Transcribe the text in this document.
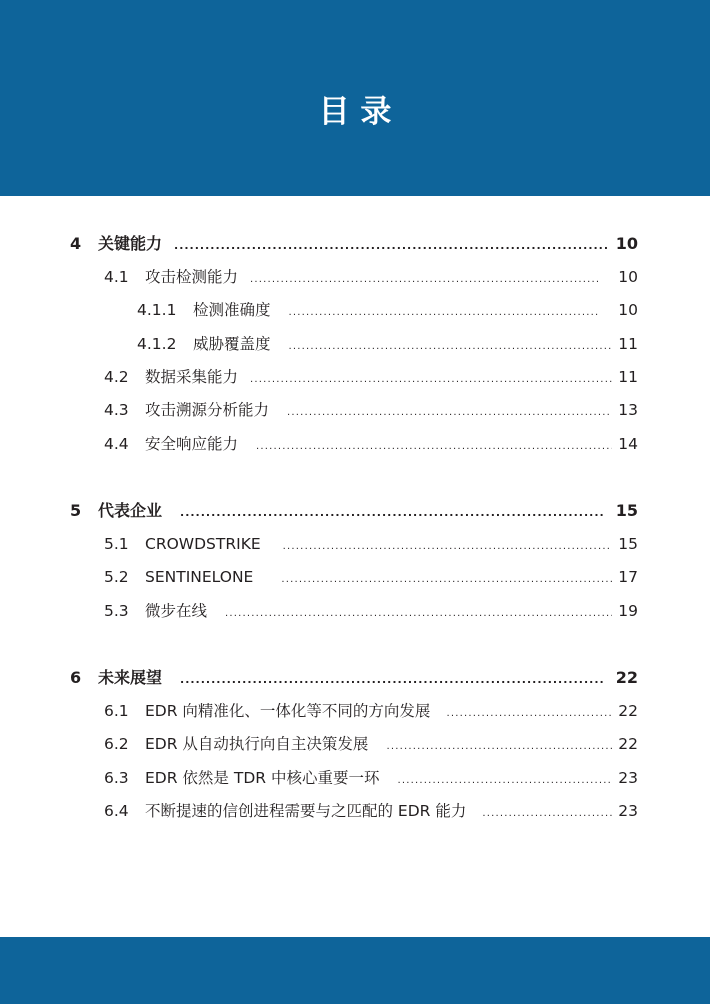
目 录
4	关键能力 .....	10
4.1	攻击检测能力 .....	10
4.1.1	检测准确度 .....	10
4.1.2	威胁覆盖度 .....	11
4.2	数据采集能力 .....	11
4.3	攻击溯源分析能力 .....	13
4.4	安全响应能力 .....	14
5	代表企业 .....	15
5.1	CROWDSTRIKE .....	15
5.2	SENTINELONE .....	17
5.3	微步在线 .....	19
6	未来展望 .....	22
6.1	EDR 向精准化、一体化等不同的方向发展 .....	22
6.2	EDR 从自动执行向自主决策发展 .....	22
6.3	EDR 依然是 TDR 中核心重要一环 .....	23
6.4	不断提速的信创进程需要与之匹配的 EDR 能力 .....	23
